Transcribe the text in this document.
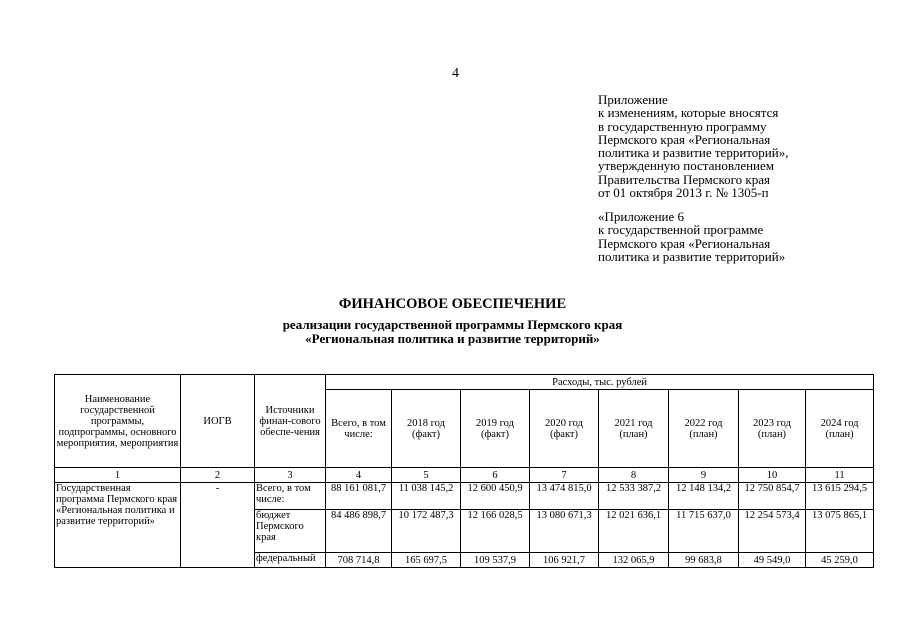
4
Приложение
к изменениям, которые вносятся
в государственную программу
Пермского края «Региональная
политика и развитие территорий»,
утвержденную постановлением
Правительства Пермского края
от 01 октября 2013 г. № 1305-п
«Приложение 6
к государственной программе
Пермского края «Региональная
политика и развитие территорий»
ФИНАНСОВОЕ ОБЕСПЕЧЕНИЕ
реализации государственной программы Пермского края
«Региональная политика и развитие территорий»
Наименование государственной программы, подпрограммы, основного мероприятия, мероприятия	ИОГВ	Источники финан-сового обеспе-чения	Расходы, тыс. рублей							
			Всего, в том числе:	2018 год (факт)	2019 год (факт)	2020 год (факт)	2021 год (план)	2022 год (план)	2023 год (план)	2024 год (план)
1	2	3	4	5	6	7	8	9	10	11
Государственная программа Пермского края «Региональная политика и развитие территорий»	-	Всего, в том числе:	88 161 081,7	11 038 145,2	12 600 450,9	13 474 815,0	12 533 387,2	12 148 134,2	12 750 854,7	13 615 294,5
		бюджет Пермского края	84 486 898,7	10 172 487,3	12 166 028,5	13 080 671,3	12 021 636,1	11 715 637,0	12 254 573,4	13 075 865,1
		федеральный	708 714,8	165 697,5	109 537,9	106 921,7	132 065,9	99 683,8	49 549,0	45 259,0
